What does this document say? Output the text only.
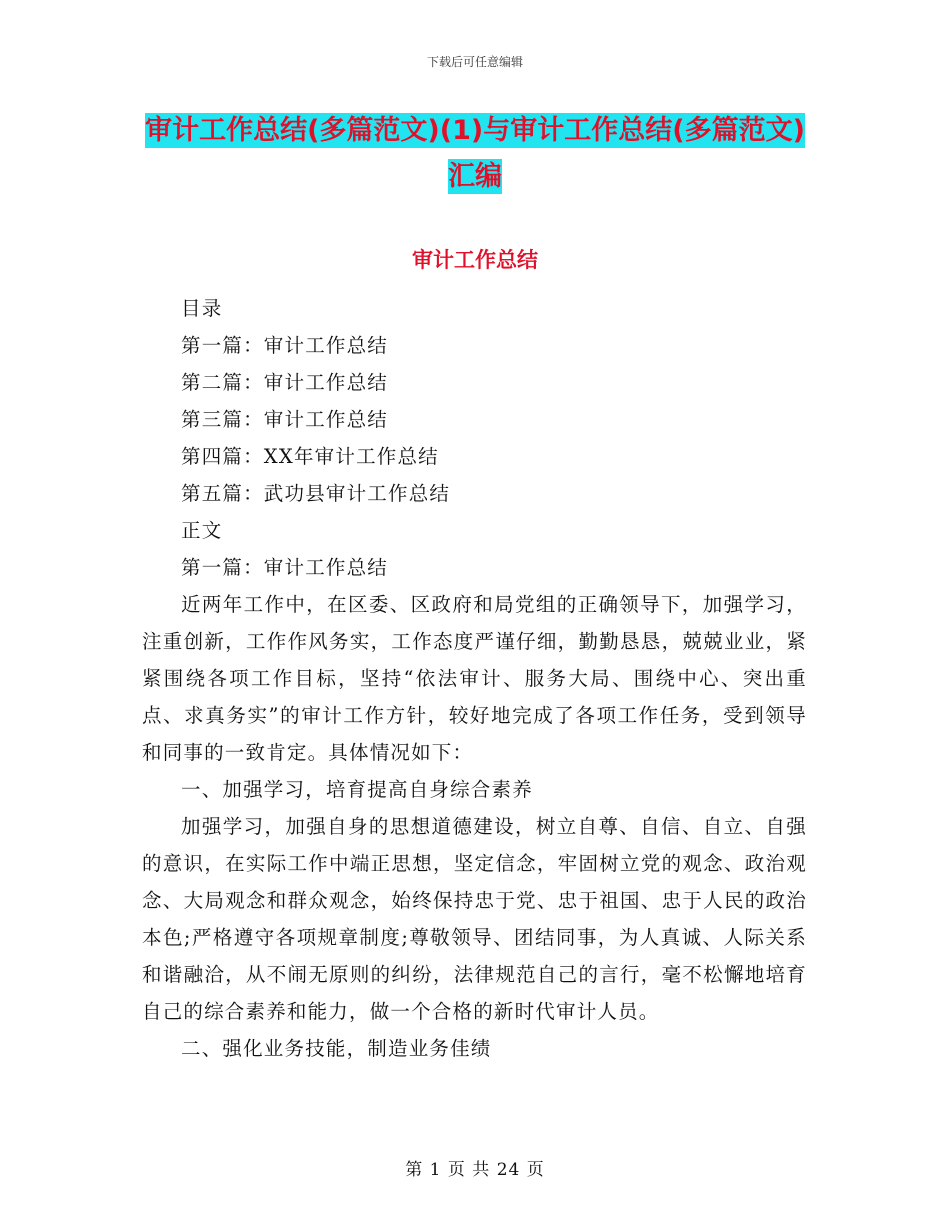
下载后可任意编辑
审计工作总结(多篇范文)(1)与审计工作总结(多篇范文)汇编
审计工作总结

目录

第一篇：审计工作总结

第二篇：审计工作总结

第三篇：审计工作总结

第四篇：XX年审计工作总结

第五篇：武功县审计工作总结

正文

第一篇：审计工作总结

近两年工作中，在区委、区政府和局党组的正确领导下，加强学习，注重创新，工作作风务实，工作态度严谨仔细，勤勤恳恳，兢兢业业，紧紧围绕各项工作目标，坚持“依法审计、服务大局、围绕中心、突出重点、求真务实”的审计工作方针，较好地完成了各项工作任务，受到领导和同事的一致肯定。具体情况如下：

一、加强学习，培育提高自身综合素养

加强学习，加强自身的思想道德建设，树立自尊、自信、自立、自强的意识，在实际工作中端正思想，坚定信念，牢固树立党的观念、政治观念、大局观念和群众观念，始终保持忠于党、忠于祖国、忠于人民的政治本色;严格遵守各项规章制度;尊敬领导、团结同事，为人真诚、人际关系和谐融洽，从不闹无原则的纠纷，法律规范自己的言行，毫不松懈地培育自己的综合素养和能力，做一个合格的新时代审计人员。

二、强化业务技能，制造业务佳绩

第 1 页 共 24 页
